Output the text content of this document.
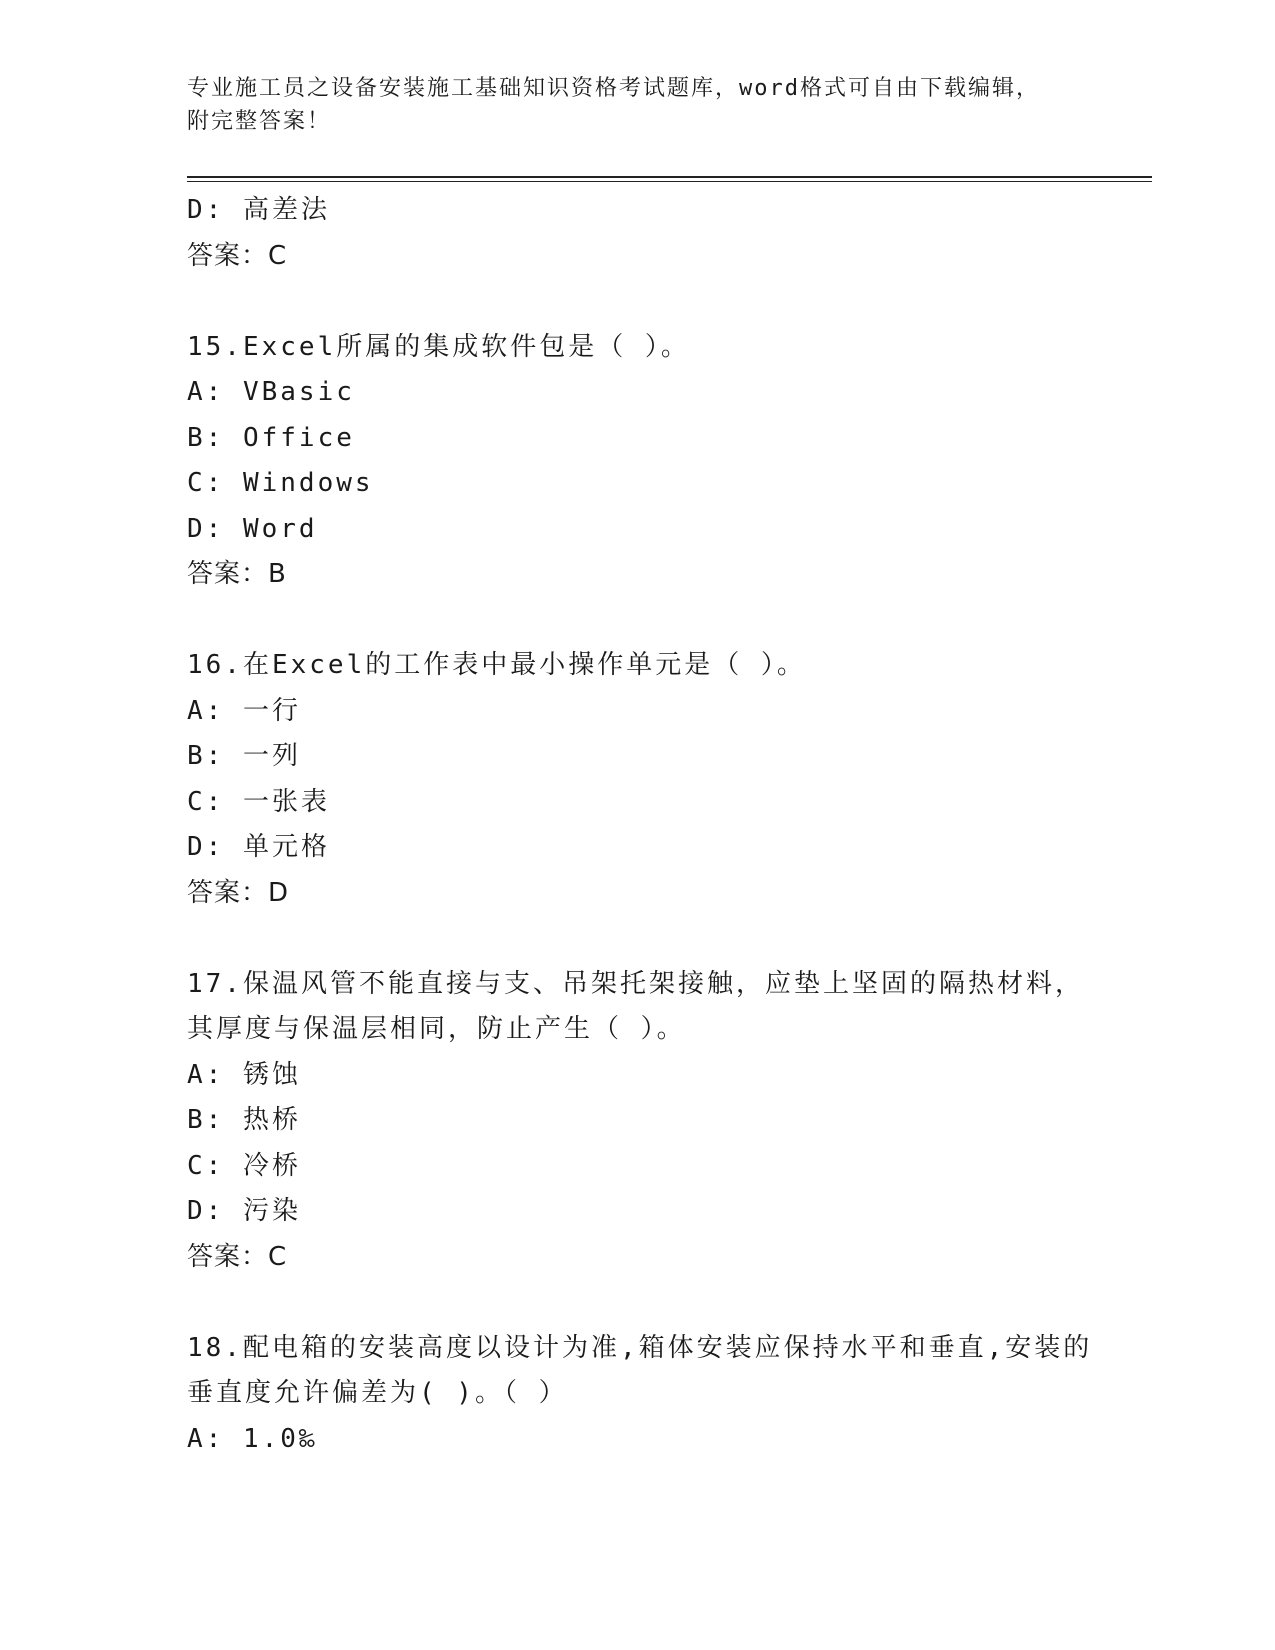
专业施工员之设备安装施工基础知识资格考试题库，word格式可自由下载编辑，
附完整答案！
D: 高差法
答案：C
15.Excel所属的集成软件包是（ ）。
A: VBasic
B: Office
C: Windows
D: Word
答案：B
16.在Excel的工作表中最小操作单元是（ ）。
A: 一行
B: 一列
C: 一张表
D: 单元格
答案：D
17.保温风管不能直接与支、吊架托架接触，应垫上坚固的隔热材料，
其厚度与保温层相同，防止产生（ ）。
A: 锈蚀
B: 热桥
C: 冷桥
D: 污染
答案：C
18.配电箱的安装高度以设计为准,箱体安装应保持水平和垂直,安装的
垂直度允许偏差为( )。（ ）
A: 1.0‰
